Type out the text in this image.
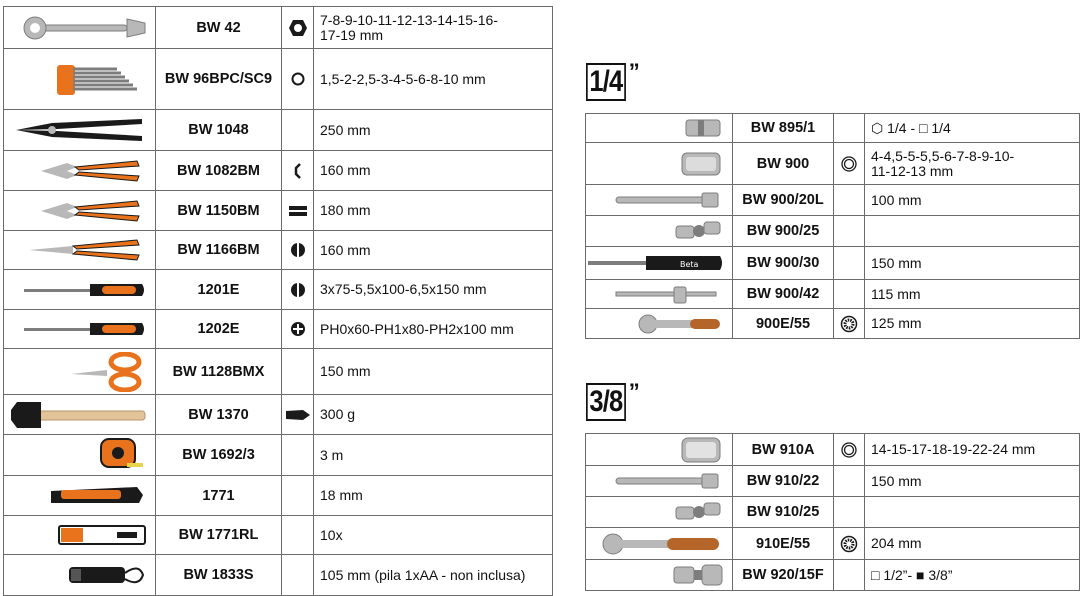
1/4 ”
3/8 ”
	BW 42		7-8-9-10-11-12-13-14-15-16-
17-19 mm
	BW 96BPC/SC9		1,5-2-2,5-3-4-5-6-8-10 mm
	BW 1048		250 mm
	BW 1082BM		160 mm
	BW 1150BM		180 mm
	BW 1166BM		160 mm
	1201E		3x75-5,5x100-6,5x150 mm
	1202E		PH0x60-PH1x80-PH2x100 mm
	BW 1128BMX		150 mm
	BW 1370		300 g
	BW 1692/3		3 m
	1771		18 mm
	BW 1771RL		10x
	BW 1833S		105 mm (pila 1xAA - non inclusa)
	BW 895/1		⬡ 1/4 - □ 1/4
	BW 900		4-4,5-5-5,5-6-7-8-9-10-
11-12-13 mm
	BW 900/20L		100 mm
	BW 900/25		

Beta	BW 900/30		150 mm
	BW 900/42		115 mm
	900E/55		125 mm
	BW 910A		14-15-17-18-19-22-24 mm
	BW 910/22		150 mm
	BW 910/25		
	910E/55		204 mm
	BW 920/15F		□ 1/2”- ■ 3/8”
